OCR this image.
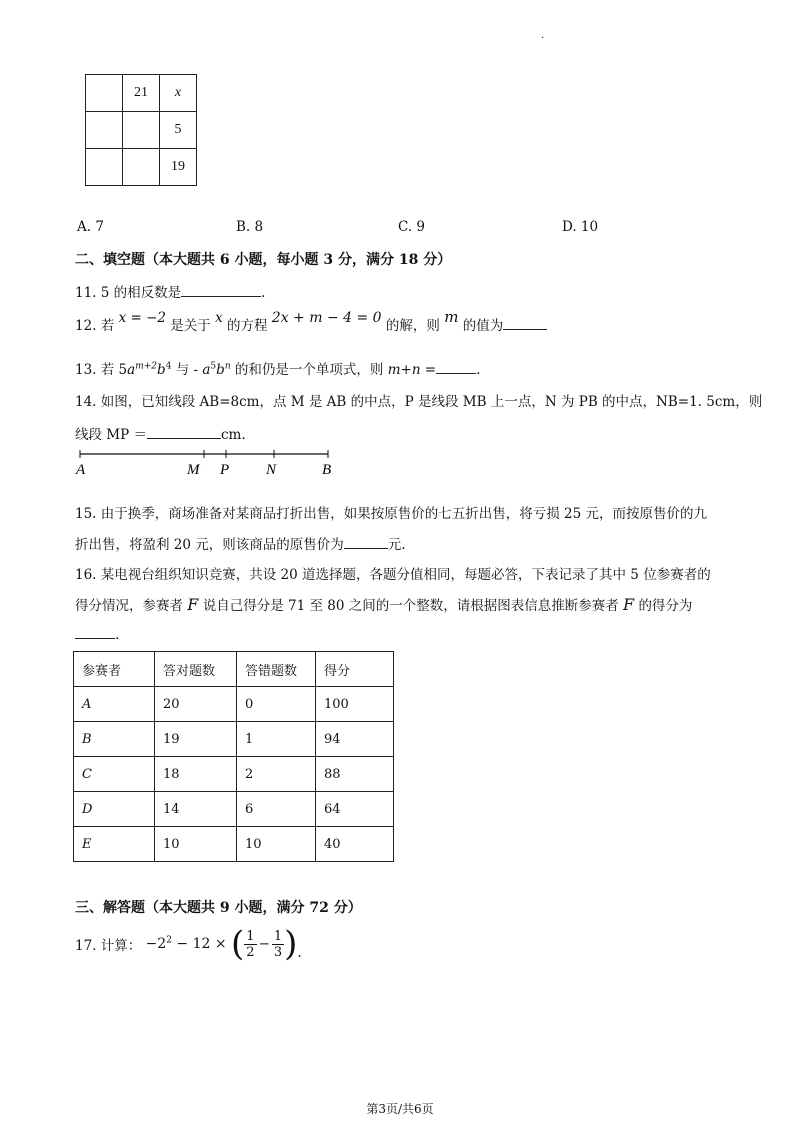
.
	21	x
		5
		19
A. 7	B. 8	C. 9	D. 10
二、填空题（本大题共 6 小题，每小题 3 分，满分 18 分）
11. 5 的相反数是	.
12. 若 x = −2 是关于 x 的方程 2x + m − 4 = 0 的解，则 m 的值为
13. 若 $5a^{m+2}b^4$ 与 - $a^5b^n$ 的和仍是一个单项式，则 m+n =	.
14. 如图，已知线段 AB=8cm，点 M 是 AB 的中点，P 是线段 MB 上一点，N 为 PB 的中点，NB=1. 5cm，则
线段 MP ＝	cm.
A	M P N	B
15. 由于换季，商场准备对某商品打折出售，如果按原售价的七五折出售，将亏损 25 元，而按原售价的九
折出售，将盈利 20 元，则该商品的原售价为	元.
16. 某电视台组织知识竞赛，共设 20 道选择题，各题分值相同，每题必答，下表记录了其中 5 位参赛者的
得分情况，参赛者 F 说自己得分是 71 至 80 之间的一个整数，请根据图表信息推断参赛者 F 的得分为
.
参赛者	答对题数	答错题数	得分
A	20	0	100
B	19	1	94
C	18	2	88
D	14	6	64
E	10	10	40
三、解答题（本大题共 9 小题，满分 72 分）
17. 计算： $-2^2 - 12$ × ( $\frac{1}{2} - \frac{1}{3}$ ).
第3页/共6页
